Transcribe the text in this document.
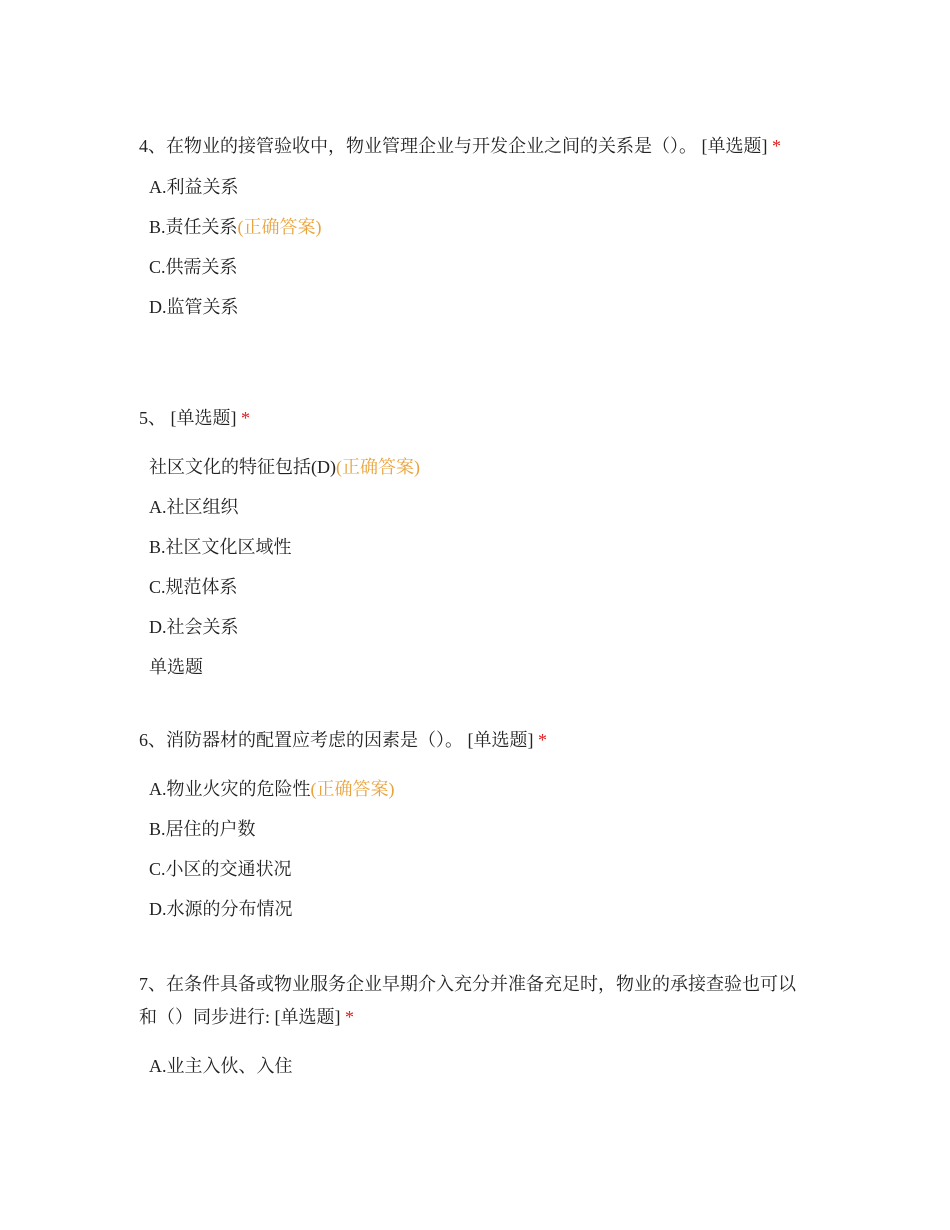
4、在物业的接管验收中，物业管理企业与开发企业之间的关系是（）。 [单选题] *

A.利益关系
B.责任关系(正确答案)
C.供需关系
D.监管关系

5、 [单选题] *

社区文化的特征包括(D)(正确答案)
A.社区组织
B.社区文化区域性
C.规范体系
D.社会关系
单选题

6、消防器材的配置应考虑的因素是（）。 [单选题] *

A.物业火灾的危险性(正确答案)
B.居住的户数
C.小区的交通状况
D.水源的分布情况

7、在条件具备或物业服务企业早期介入充分并准备充足时，物业的承接查验也可以和（）同步进行: [单选题] *

A.业主入伙、入住
